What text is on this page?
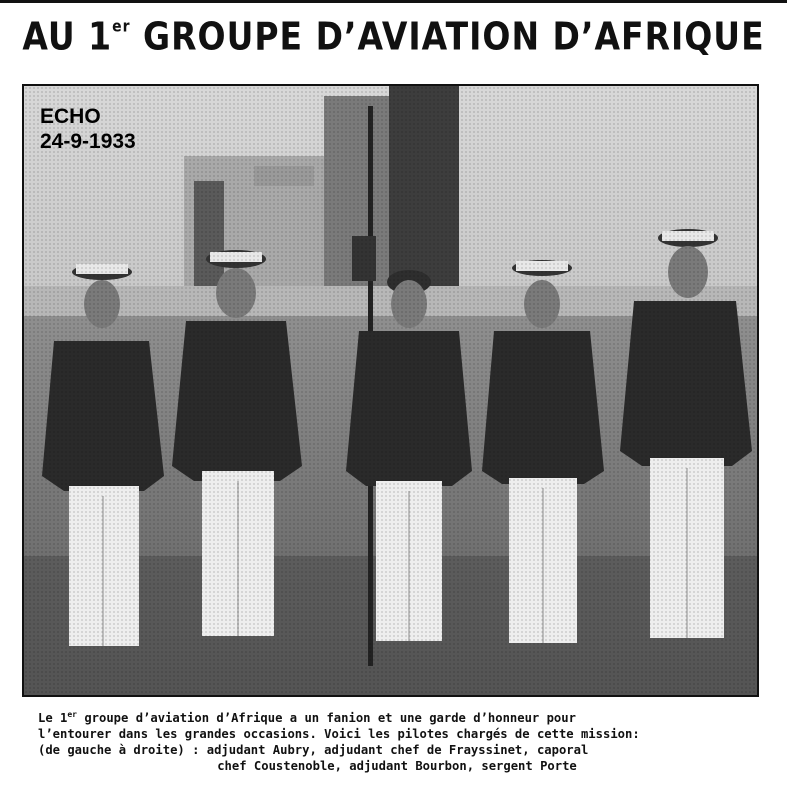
AU 1er GROUPE D’AVIATION D’AFRIQUE
ECHO
24-9-1933

Le 1er groupe d’aviation d’Afrique a un fanion et une garde d’honneur pour

l’entourer dans les grandes occasions. Voici les pilotes chargés de cette mission:

(de gauche à droite) : adjudant Aubry, adjudant chef de Frayssinet, caporal

chef Coustenoble, adjudant Bourbon, sergent Porte
